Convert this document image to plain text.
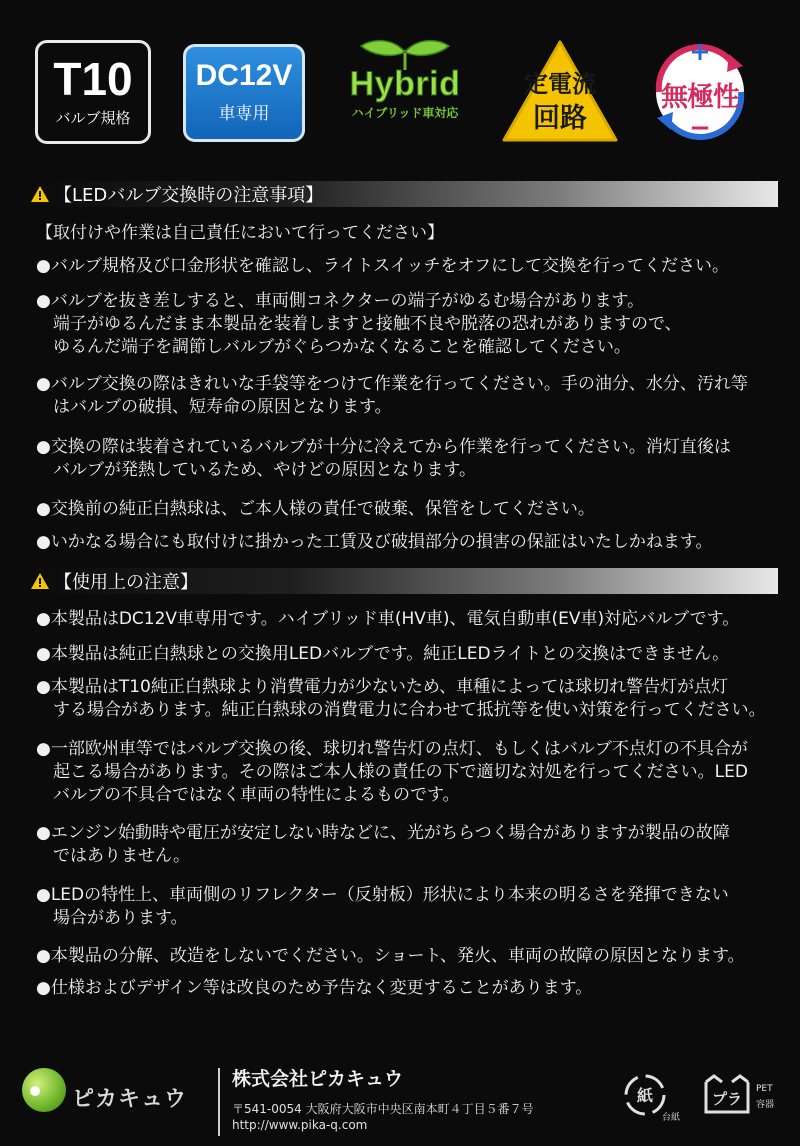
T10
バルブ規格
DC12V
車専用
Hybrid
ハイブリッド車対応
定電流
回路
+
−
無極性
【LEDバルブ交換時の注意事項】
【取付けや作業は自己責任において行ってください】
●バルブ規格及び口金形状を確認し、ライトスイッチをオフにして交換を行ってください。
●バルブを抜き差しすると、車両側コネクターの端子がゆるむ場合があります。
端子がゆるんだまま本製品を装着しますと接触不良や脱落の恐れがありますので、
ゆるんだ端子を調節しバルブがぐらつかなくなることを確認してください。
●バルブ交換の際はきれいな手袋等をつけて作業を行ってください。手の油分、水分、汚れ等
はバルブの破損、短寿命の原因となります。
●交換の際は装着されているバルブが十分に冷えてから作業を行ってください。消灯直後は
バルブが発熱しているため、やけどの原因となります。
●交換前の純正白熱球は、ご本人様の責任で破棄、保管をしてください。
●いかなる場合にも取付けに掛かった工賃及び破損部分の損害の保証はいたしかねます。
【使用上の注意】
●本製品はDC12V車専用です。ハイブリッド車(HV車)、電気自動車(EV車)対応バルブです。
●本製品は純正白熱球との交換用LEDバルブです。純正LEDライトとの交換はできません。
●本製品はT10純正白熱球より消費電力が少ないため、車種によっては球切れ警告灯が点灯
する場合があります。純正白熱球の消費電力に合わせて抵抗等を使い対策を行ってください。
●一部欧州車等ではバルブ交換の後、球切れ警告灯の点灯、もしくはバルブ不点灯の不具合が
起こる場合があります。その際はご本人様の責任の下で適切な対処を行ってください。LED
バルブの不具合ではなく車両の特性によるものです。
●エンジン始動時や電圧が安定しない時などに、光がちらつく場合がありますが製品の故障
ではありません。
●LEDの特性上、車両側のリフレクター（反射板）形状により本来の明るさを発揮できない
場合があります。
●本製品の分解、改造をしないでください。ショート、発火、車両の故障の原因となります。
●仕様およびデザイン等は改良のため予告なく変更することがあります。
ピカキュウ
株式会社ピカキュウ
〒541-0054 大阪府大阪市中央区南本町４丁目５番７号
http://www.pika-q.com
紙
台紙
プラ
PET
容器
